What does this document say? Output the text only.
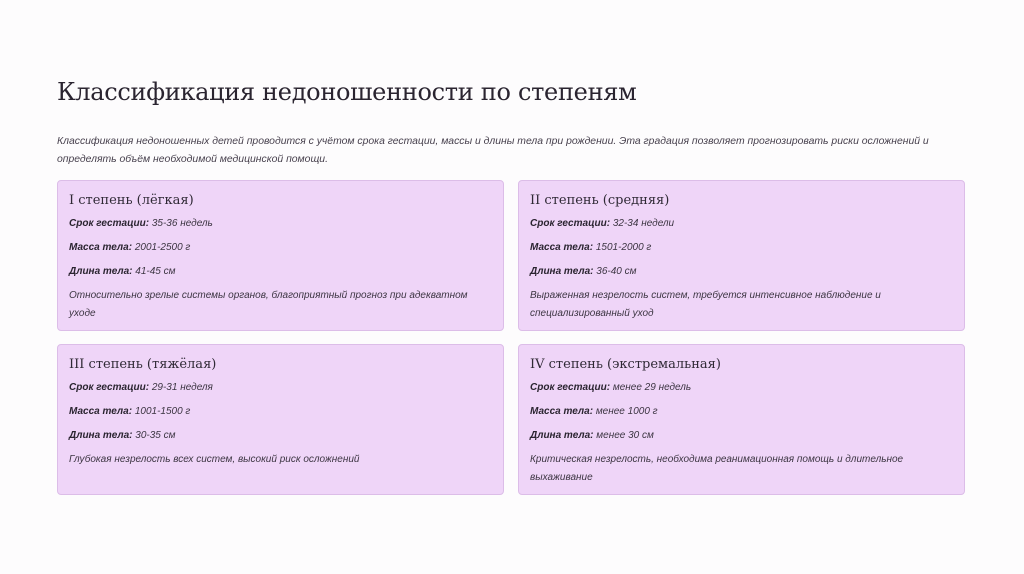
Классификация недоношенности по степеням

Классификация недоношенных детей проводится с учётом срока гестации, массы и длины тела при рождении. Эта градация позволяет прогнозировать риски осложнений и определять объём необходимой медицинской помощи.

I степень (лёгкая)
Срок гестации: 35-36 недель
Масса тела: 2001-2500 г
Длина тела: 41-45 см

Относительно зрелые системы органов, благоприятный прогноз при адекватном уходе

II степень (средняя)
Срок гестации: 32-34 недели
Масса тела: 1501-2000 г
Длина тела: 36-40 см

Выраженная незрелость систем, требуется интенсивное наблюдение и специализированный уход

III степень (тяжёлая)
Срок гестации: 29-31 неделя
Масса тела: 1001-1500 г
Длина тела: 30-35 см

Глубокая незрелость всех систем, высокий риск осложнений

IV степень (экстремальная)
Срок гестации: менее 29 недель
Масса тела: менее 1000 г
Длина тела: менее 30 см

Критическая незрелость, необходима реанимационная помощь и длительное выхаживание
